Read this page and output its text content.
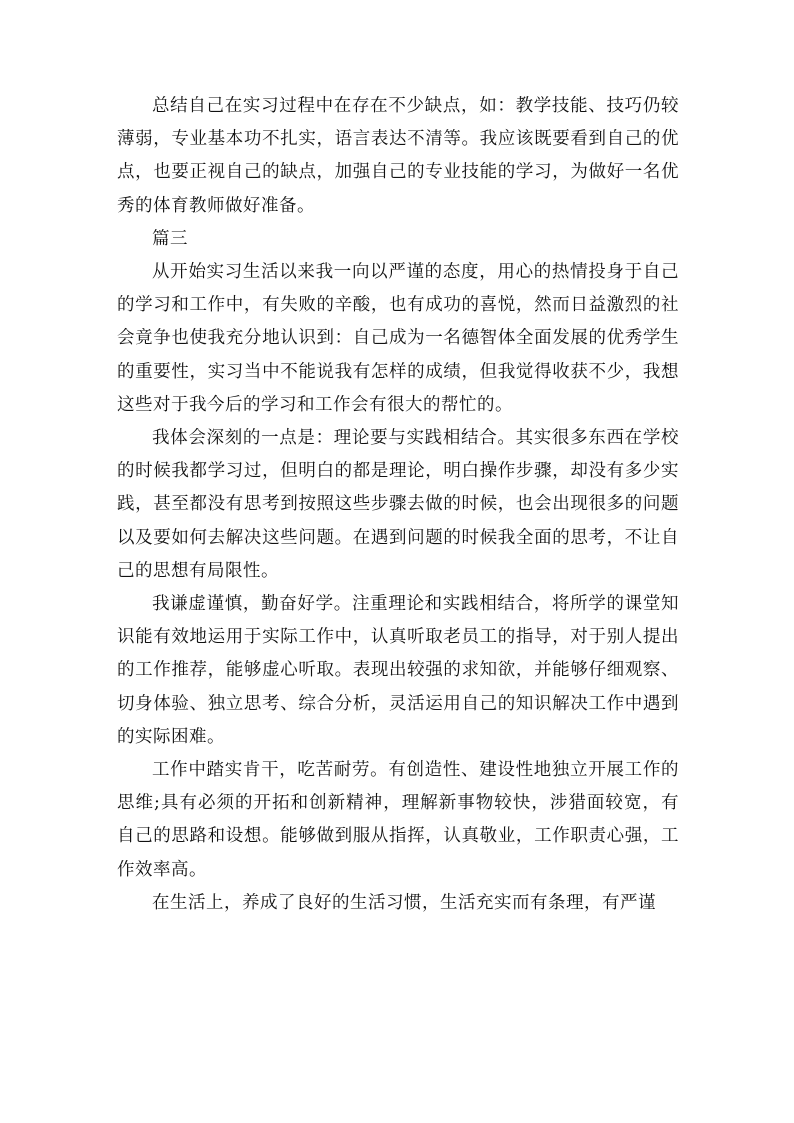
总结自己在实习过程中在存在不少缺点，如：教学技能、技巧仍较薄弱，专业基本功不扎实，语言表达不清等。我应该既要看到自己的优点，也要正视自己的缺点，加强自己的专业技能的学习，为做好一名优秀的体育教师做好准备。

篇三

从开始实习生活以来我一向以严谨的态度，用心的热情投身于自己的学习和工作中，有失败的辛酸，也有成功的喜悦，然而日益激烈的社会竟争也使我充分地认识到：自己成为一名德智体全面发展的优秀学生的重要性，实习当中不能说我有怎样的成绩，但我觉得收获不少，我想这些对于我今后的学习和工作会有很大的帮忙的。

我体会深刻的一点是：理论要与实践相结合。其实很多东西在学校的时候我都学习过，但明白的都是理论，明白操作步骤，却没有多少实践，甚至都没有思考到按照这些步骤去做的时候，也会出现很多的问题以及要如何去解决这些问题。在遇到问题的时候我全面的思考，不让自己的思想有局限性。

我谦虚谨慎，勤奋好学。注重理论和实践相结合，将所学的课堂知识能有效地运用于实际工作中，认真听取老员工的指导，对于别人提出的工作推荐，能够虚心听取。表现出较强的求知欲，并能够仔细观察、切身体验、独立思考、综合分析，灵活运用自己的知识解决工作中遇到的实际困难。

工作中踏实肯干，吃苦耐劳。有创造性、建设性地独立开展工作的思维;具有必须的开拓和创新精神，理解新事物较快，涉猎面较宽，有自己的思路和设想。能够做到服从指挥，认真敬业，工作职责心强，工作效率高。

在生活上，养成了良好的生活习惯，生活充实而有条理，有严谨
